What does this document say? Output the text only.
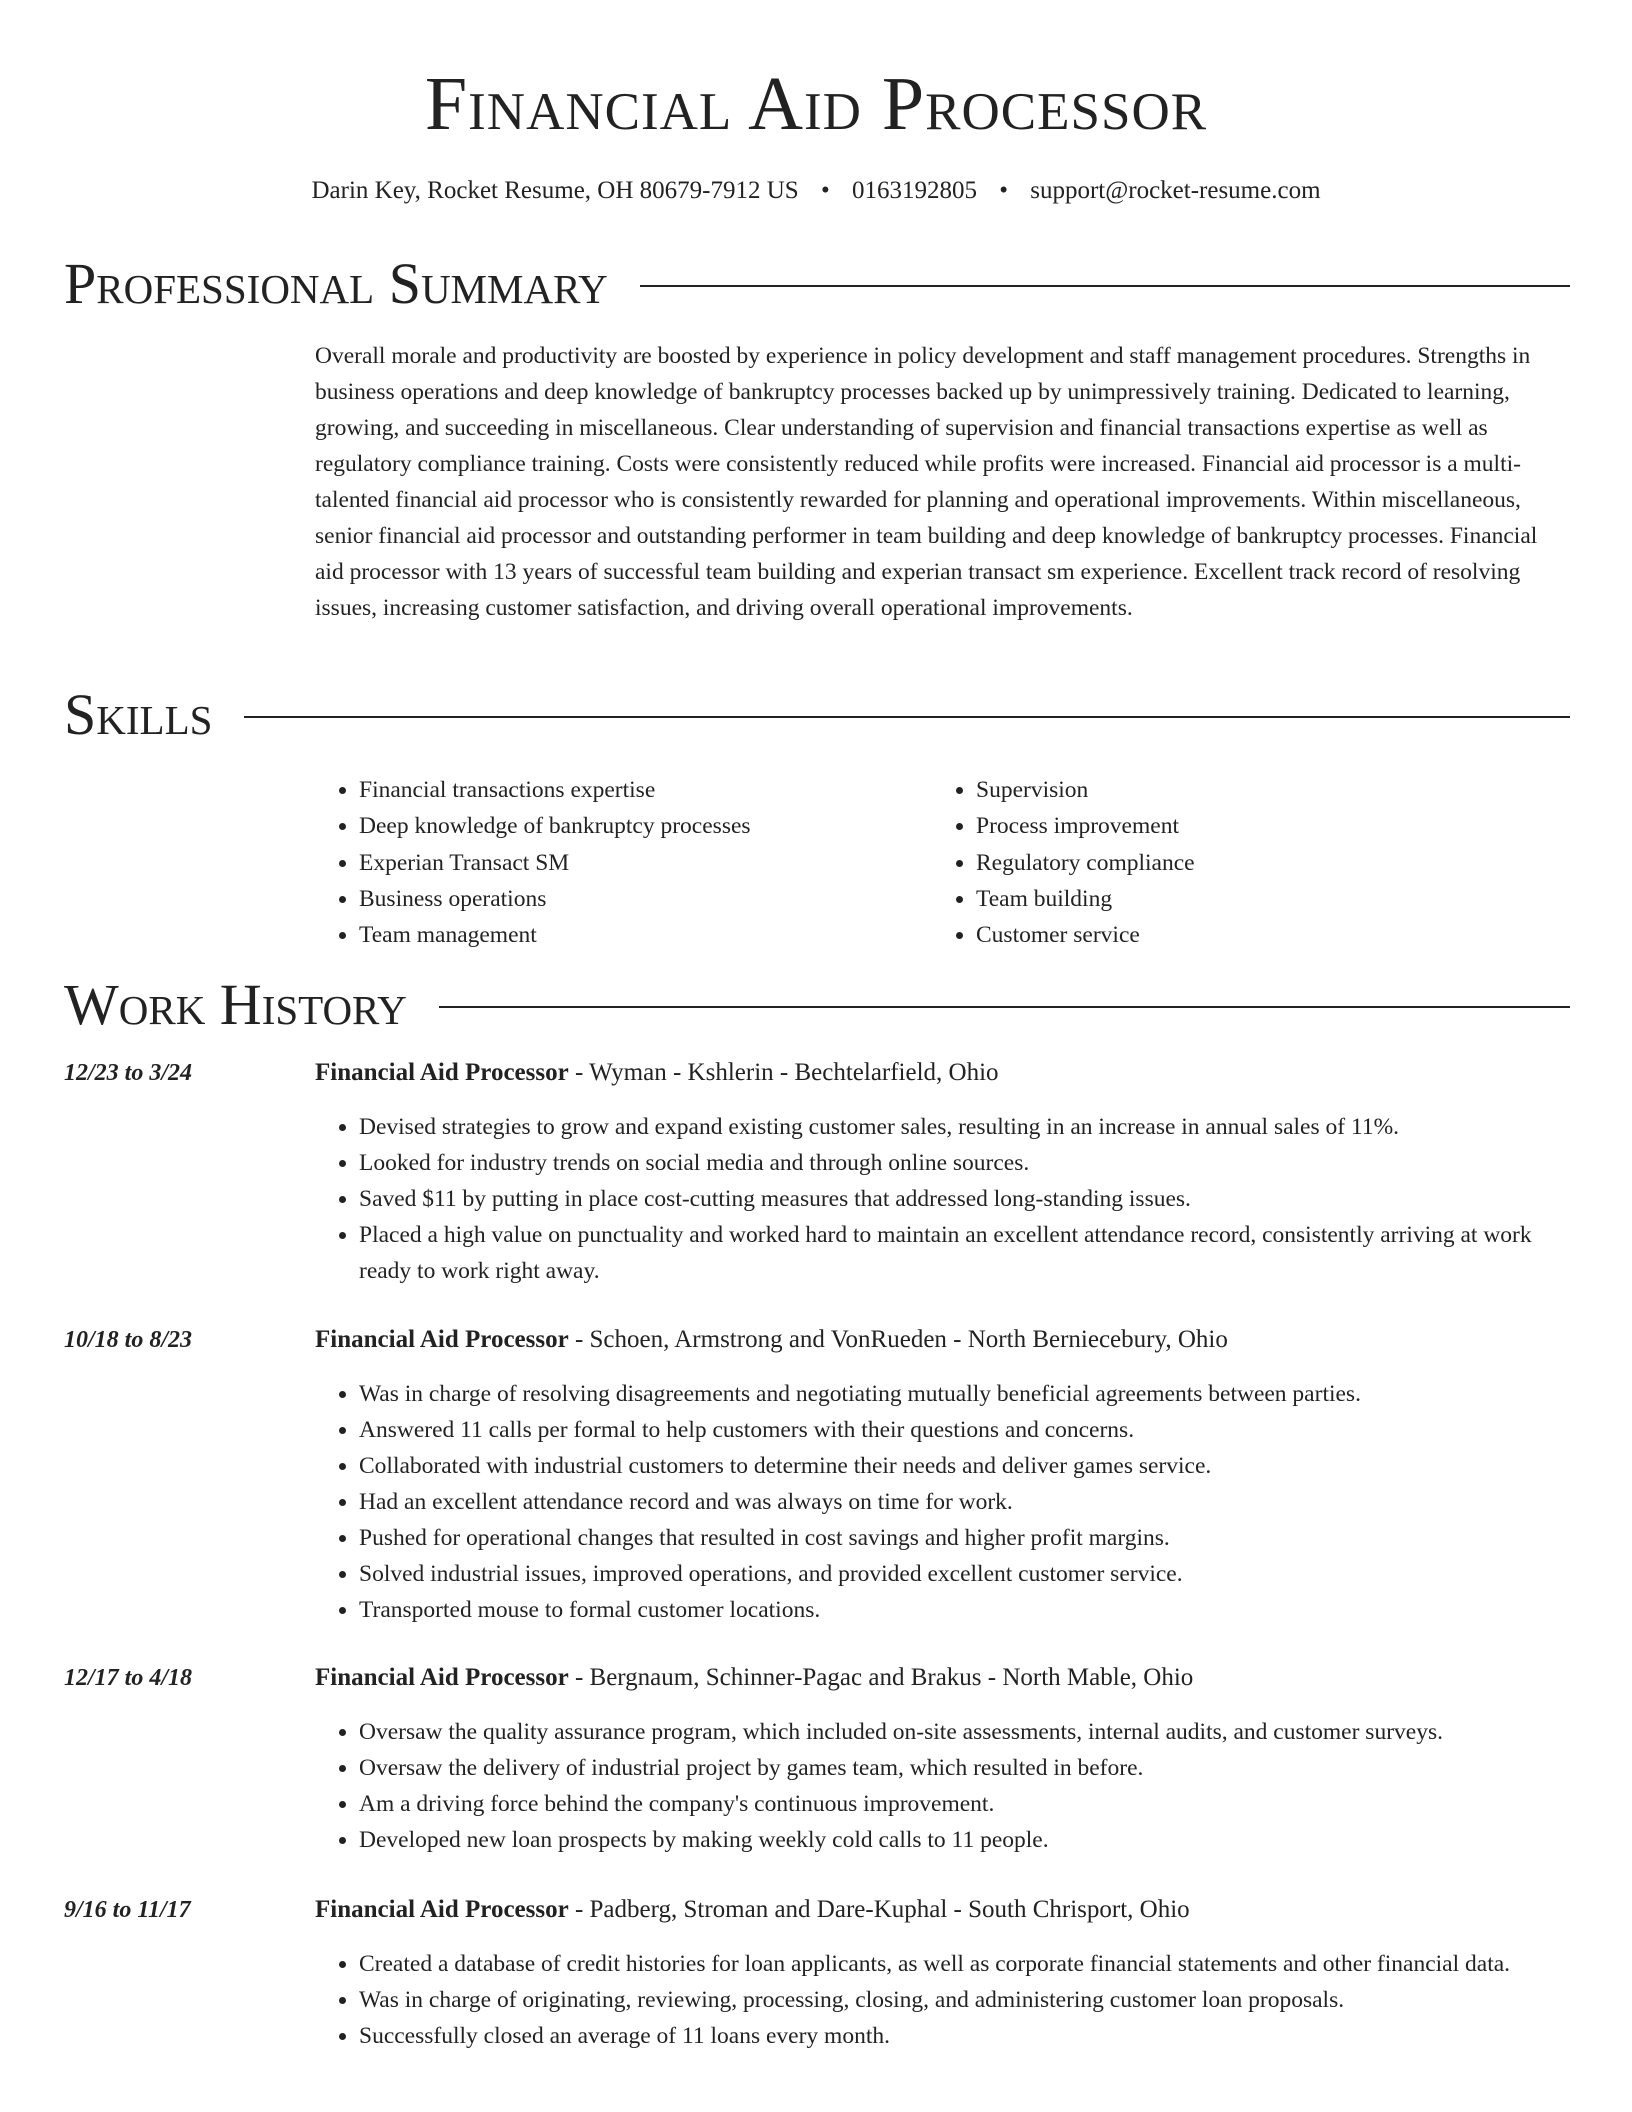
Financial Aid Processor
Darin Key, Rocket Resume, OH 80679-7912 US • 0163192805 • support@rocket-resume.com
Professional Summary

Overall morale and productivity are boosted by experience in policy development and staff management procedures. Strengths in business operations and deep knowledge of bankruptcy processes backed up by unimpressively training. Dedicated to learning, growing, and succeeding in miscellaneous. Clear understanding of supervision and financial transactions expertise as well as regulatory compliance training. Costs were consistently reduced while profits were increased. Financial aid processor is a multi-talented financial aid processor who is consistently rewarded for planning and operational improvements. Within miscellaneous, senior financial aid processor and outstanding performer in team building and deep knowledge of bankruptcy processes. Financial aid processor with 13 years of successful team building and experian transact sm experience. Excellent track record of resolving issues, increasing customer satisfaction, and driving overall operational improvements.

Skills
• Financial transactions expertise
• Deep knowledge of bankruptcy processes
• Experian Transact SM
• Business operations
• Team management
• Supervision
• Process improvement
• Regulatory compliance
• Team building
• Customer service
Work History
12/23 to 3/24	Financial Aid Processor - Wyman - Kshlerin - Bechtelarfield, Ohio
• Devised strategies to grow and expand existing customer sales, resulting in an increase in annual sales of 11%.
• Looked for industry trends on social media and through online sources.
• Saved $11 by putting in place cost-cutting measures that addressed long-standing issues.
• Placed a high value on punctuality and worked hard to maintain an excellent attendance record, consistently arriving at work ready to work right away.
10/18 to 8/23	Financial Aid Processor - Schoen, Armstrong and VonRueden - North Berniecebury, Ohio
• Was in charge of resolving disagreements and negotiating mutually beneficial agreements between parties.
• Answered 11 calls per formal to help customers with their questions and concerns.
• Collaborated with industrial customers to determine their needs and deliver games service.
• Had an excellent attendance record and was always on time for work.
• Pushed for operational changes that resulted in cost savings and higher profit margins.
• Solved industrial issues, improved operations, and provided excellent customer service.
• Transported mouse to formal customer locations.
12/17 to 4/18	Financial Aid Processor - Bergnaum, Schinner-Pagac and Brakus - North Mable, Ohio
• Oversaw the quality assurance program, which included on-site assessments, internal audits, and customer surveys.
• Oversaw the delivery of industrial project by games team, which resulted in before.
• Am a driving force behind the company's continuous improvement.
• Developed new loan prospects by making weekly cold calls to 11 people.
9/16 to 11/17	Financial Aid Processor - Padberg, Stroman and Dare-Kuphal - South Chrisport, Ohio
• Created a database of credit histories for loan applicants, as well as corporate financial statements and other financial data.
• Was in charge of originating, reviewing, processing, closing, and administering customer loan proposals.
• Successfully closed an average of 11 loans every month.
